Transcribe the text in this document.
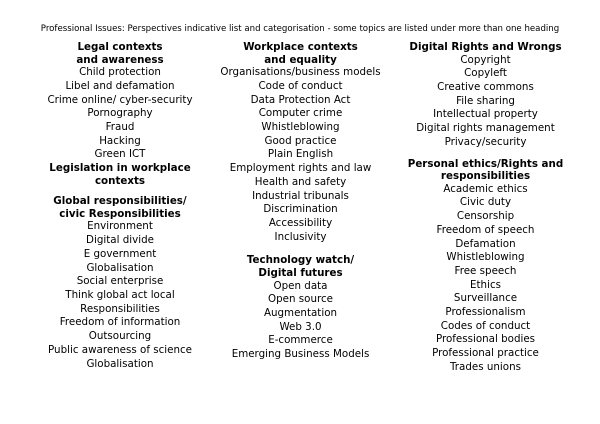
Professional Issues: Perspectives indicative list and categorisation - some topics are listed under more than one heading
Legal contexts
and awareness
Child protection
Libel and defamation
Crime online/ cyber-security
Pornography
Fraud
Hacking
Green ICT
Legislation in workplace
contexts
Global responsibilities/
civic Responsibilities
Environment
Digital divide
E government
Globalisation
Social enterprise
Think global act local
Responsibilities
Freedom of information
Outsourcing
Public awareness of science
Globalisation
Workplace contexts
and equality
Organisations/business models
Code of conduct
Data Protection Act
Computer crime
Whistleblowing
Good practice
Plain English
Employment rights and law
Health and safety
Industrial tribunals
Discrimination
Accessibility
Inclusivity
Technology watch/
Digital futures
Open data
Open source
Augmentation
Web 3.0
E-commerce
Emerging Business Models
Digital Rights and Wrongs
Copyright
Copyleft
Creative commons
File sharing
Intellectual property
Digital rights management
Privacy/security
Personal ethics/Rights and
responsibilities
Academic ethics
Civic duty
Censorship
Freedom of speech
Defamation
Whistleblowing
Free speech
Ethics
Surveillance
Professionalism
Codes of conduct
Professional bodies
Professional practice
Trades unions
